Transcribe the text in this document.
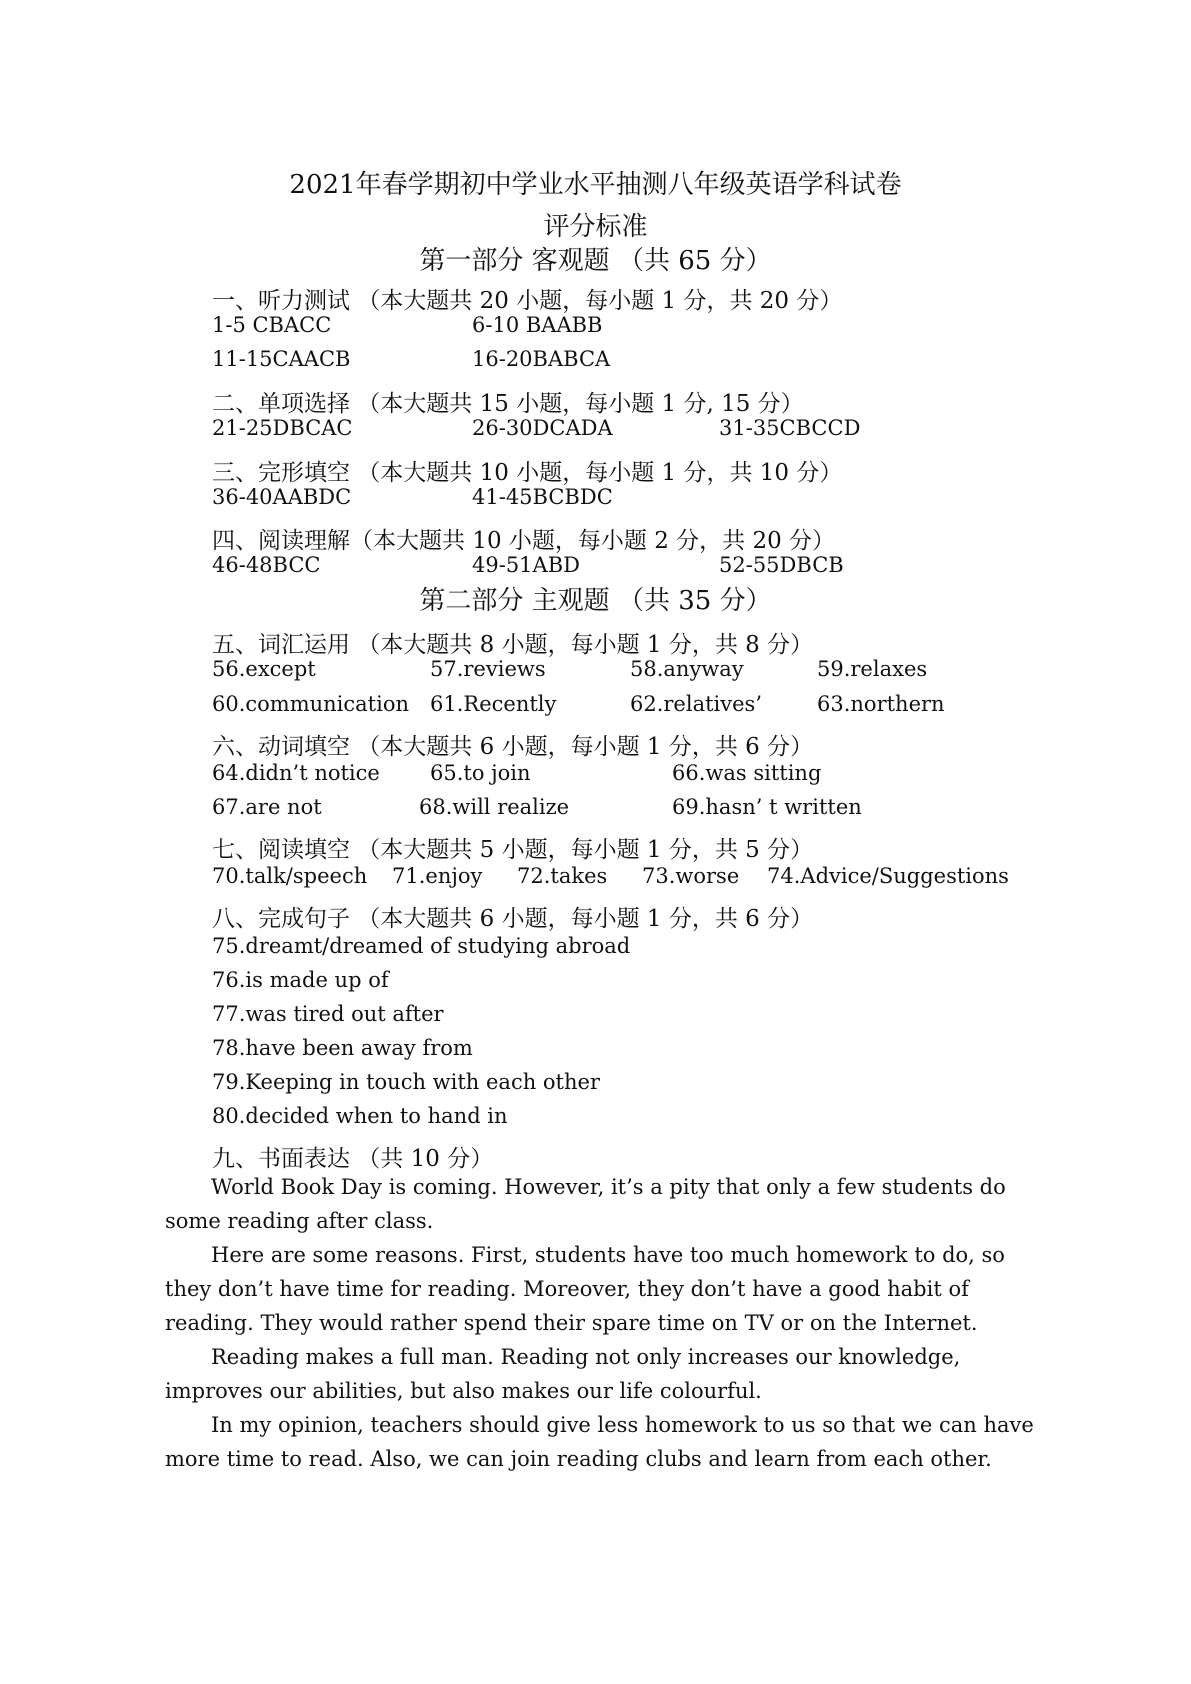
2021年春学期初中学业水平抽测八年级英语学科试卷
评分标准
第一部分 客观题 （共 65 分）
一、听力测试 （本大题共 20 小题，每小题 1 分，共 20 分）
1-5 CBACC	6-10 BAABB
11-15CAACB	16-20BABCA
二、单项选择 （本大题共 15 小题，每小题 1 分, 15 分）
21-25DBCAC	26-30DCADA	31-35CBCCD
三、完形填空 （本大题共 10 小题，每小题 1 分，共 10 分）
36-40AABDC	41-45BCBDC
四、阅读理解（本大题共 10 小题，每小题 2 分，共 20 分）
46-48BCC	49-51ABD	52-55DBCB
第二部分 主观题 （共 35 分）
五、词汇运用 （本大题共 8 小题，每小题 1 分，共 8 分）
56.except	57.reviews	58.anyway	59.relaxes
60.communication 61.Recently	62.relatives’	63.northern
六、动词填空 （本大题共 6 小题，每小题 1 分，共 6 分）
64.didn’t notice 65.to join	66.was sitting
67.are not	68.will realize	69.hasn’ t written
七、阅读填空 （本大题共 5 小题，每小题 1 分，共 5 分）
70.talk/speech 71.enjoy 72.takes 73.worse 74.Advice/Suggestions
八、完成句子 （本大题共 6 小题，每小题 1 分，共 6 分）
75.dreamt/dreamed of studying abroad
76.is made up of
77.was tired out after
78.have been away from
79.Keeping in touch with each other
80.decided when to hand in
九、书面表达 （共 10 分）

World Book Day is coming. However, it’s a pity that only a few students do some reading after class.

Here are some reasons. First, students have too much homework to do, so they don’t have time for reading. Moreover, they don’t have a good habit of reading. They would rather spend their spare time on TV or on the Internet.

Reading makes a full man. Reading not only increases our knowledge, improves our abilities, but also makes our life colourful.

In my opinion, teachers should give less homework to us so that we can have more time to read. Also, we can join reading clubs and learn from each other.
